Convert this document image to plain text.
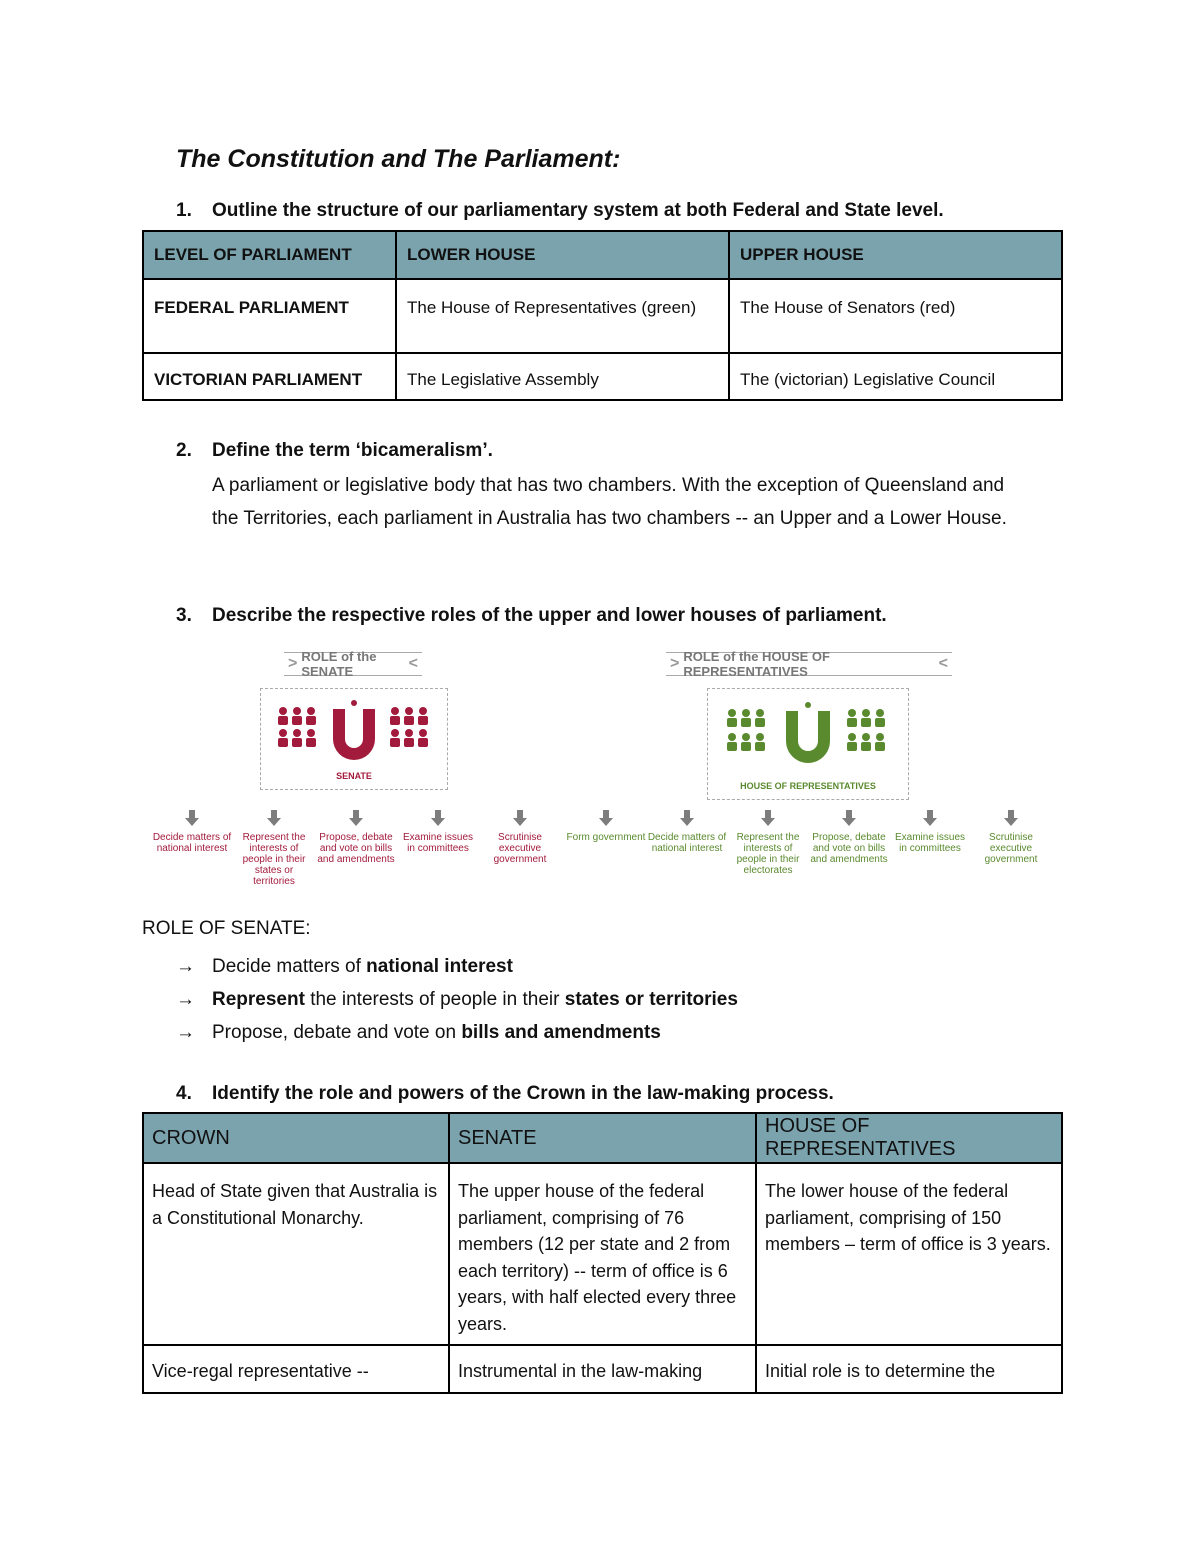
The Constitution and The Parliament:
1. Outline the structure of our parliamentary system at both Federal and State level.
LEVEL OF PARLIAMENT	LOWER HOUSE	UPPER HOUSE
FEDERAL PARLIAMENT	The House of Representatives (green)	The House of Senators (red)
VICTORIAN PARLIAMENT	The Legislative Assembly	The (victorian) Legislative Council
2. Define the term ‘bicameralism’.
A parliament or legislative body that has two chambers. With the exception of Queensland and the Territories, each parliament in Australia has two chambers -- an Upper and a Lower House.
3. Describe the respective roles of the upper and lower houses of parliament.
> ROLE of the SENATE	<	> ROLE of the HOUSE OF REPRESENTATIVES	<
SENATE
HOUSE OF REPRESENTATIVES
Decide matters of national interest
Represent the interests of people in their states or territories
Propose, debate and vote on bills and amendments
Examine issues in committees
Scrutinise executive government
Form government Decide matters of national interest
Represent the interests of people in their electorates
Propose, debate and vote on bills and amendments
Examine issues in committees
Scrutinise executive government
ROLE OF SENATE:
→ Decide matters of national interest
→ Represent the interests of people in their states or territories
→ Propose, debate and vote on bills and amendments
4. Identify the role and powers of the Crown in the law-making process.
CROWN	SENATE	HOUSE OF REPRESENTATIVES
Head of State given that Australia is a Constitutional Monarchy.	The upper house of the federal parliament, comprising of 76 members (12 per state and 2 from each territory) -- term of office is 6 years, with half elected every three years.	The lower house of the federal parliament, comprising of 150 members – term of office is 3 years.
Vice-regal representative --	Instrumental in the law-making	Initial role is to determine the
